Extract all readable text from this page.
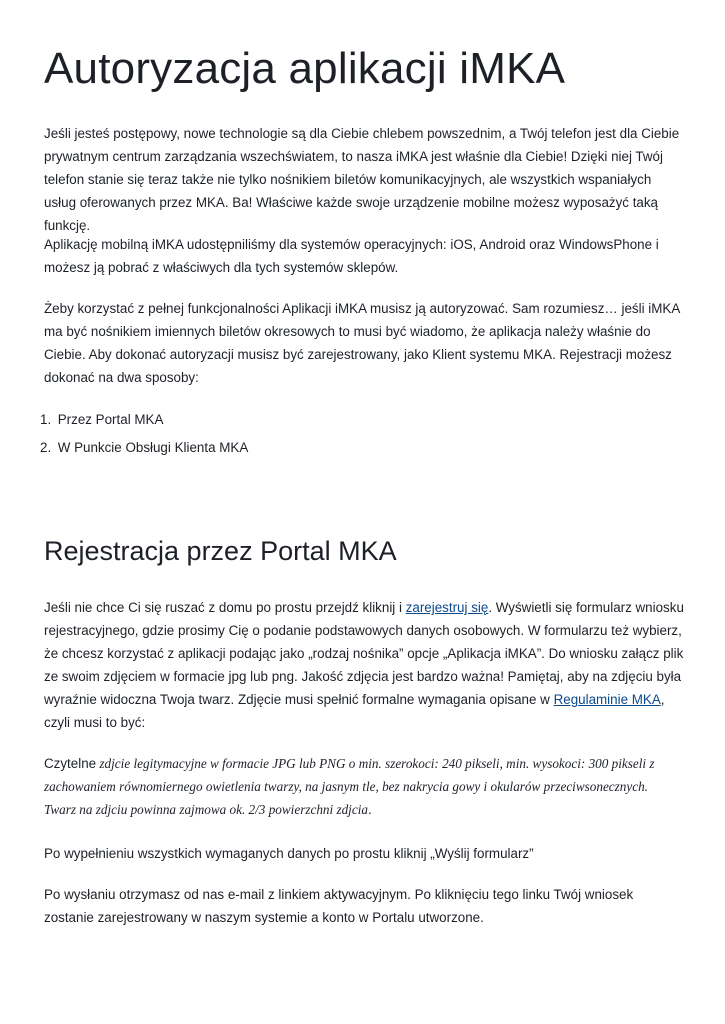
Autoryzacja aplikacji iMKA

Jeśli jesteś postępowy, nowe technologie są dla Ciebie chlebem powszednim, a Twój telefon jest dla Ciebie prywatnym centrum zarządzania wszechświatem, to nasza iMKA jest właśnie dla Ciebie! Dzięki niej Twój telefon stanie się teraz także nie tylko nośnikiem biletów komunikacyjnych, ale wszystkich wspaniałych usług oferowanych przez MKA. Ba! Właściwe każde swoje urządzenie mobilne możesz wyposażyć taką funkcję.

Aplikację mobilną iMKA udostępniliśmy dla systemów operacyjnych: iOS, Android oraz WindowsPhone i możesz ją pobrać z właściwych dla tych systemów sklepów.

Żeby korzystać z pełnej funkcjonalności Aplikacji iMKA musisz ją autoryzować. Sam rozumiesz… jeśli iMKA ma być nośnikiem imiennych biletów okresowych to musi być wiadomo, że aplikacja należy właśnie do Ciebie. Aby dokonać autoryzacji musisz być zarejestrowany, jako Klient systemu MKA. Rejestracji możesz dokonać na dwa sposoby:

1. Przez Portal MKA
2. W Punkcie Obsługi Klienta MKA
Rejestracja przez Portal MKA

Jeśli nie chce Ci się ruszać z domu po prostu przejdź kliknij i zarejestruj się. Wyświetli się formularz wniosku rejestracyjnego, gdzie prosimy Cię o podanie podstawowych danych osobowych. W formularzu też wybierz, że chcesz korzystać z aplikacji podając jako „rodzaj nośnika” opcje „Aplikacja iMKA”. Do wniosku załącz plik ze swoim zdjęciem w formacie jpg lub png. Jakość zdjęcia jest bardzo ważna! Pamiętaj, aby na zdjęciu była wyraźnie widoczna Twoja twarz. Zdjęcie musi spełnić formalne wymagania opisane w Regulaminie MKA, czyli musi to być:

Czytelne zdjcie legitymacyjne w formacie JPG lub PNG o min. szerokoci: 240 pikseli, min. wysokoci: 300 pikseli z zachowaniem równomiernego owietlenia twarzy, na jasnym tle, bez nakrycia gowy i okularów przeciwsonecznych. Twarz na zdjciu powinna zajmowa ok. 2/3 powierzchni zdjcia.

Po wypełnieniu wszystkich wymaganych danych po prostu kliknij „Wyślij formularz”

Po wysłaniu otrzymasz od nas e-mail z linkiem aktywacyjnym. Po kliknięciu tego linku Twój wniosek zostanie zarejestrowany w naszym systemie a konto w Portalu utworzone.
